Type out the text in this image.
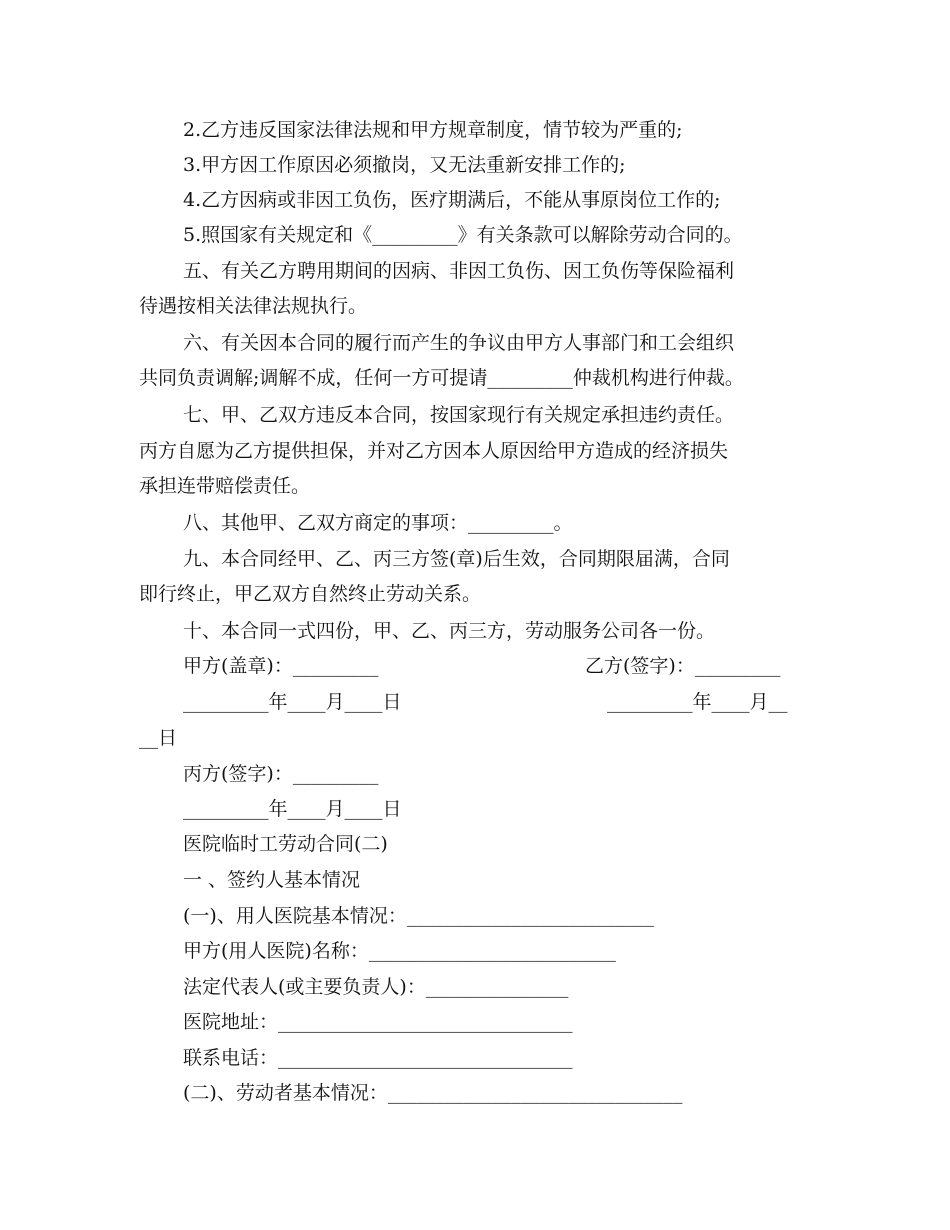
2.乙方违反国家法律法规和甲方规章制度，情节较为严重的;
3.甲方因工作原因必须撤岗，又无法重新安排工作的;
4.乙方因病或非因工负伤，医疗期满后，不能从事原岗位工作的;
5.照国家有关规定和《_________》有关条款可以解除劳动合同的。
五、有关乙方聘用期间的因病、非因工负伤、因工负伤等保险福利
待遇按相关法律法规执行。
六、有关因本合同的履行而产生的争议由甲方人事部门和工会组织
共同负责调解;调解不成，任何一方可提请_________仲裁机构进行仲裁。
七、甲、乙双方违反本合同，按国家现行有关规定承担违约责任。
丙方自愿为乙方提供担保，并对乙方因本人原因给甲方造成的经济损失
承担连带赔偿责任。
八、其他甲、乙双方商定的事项：_________。
九、本合同经甲、乙、丙三方签(章)后生效，合同期限届满，合同
即行终止，甲乙双方自然终止劳动关系。
十、本合同一式四份，甲、乙、丙三方，劳动服务公司各一份。
甲方(盖章)：_________	乙方(签字)：_________
_________年____月____日	_________年____月__
__日
丙方(签字)：_________
_________年____月____日
医院临时工劳动合同(二)
一 、签约人基本情况
(一)、用人医院基本情况：__________________________
甲方(用人医院)名称：__________________________
法定代表人(或主要负责人)：_______________
医院地址：_______________________________
联系电话：_______________________________
(二)、劳动者基本情况：_______________________________
